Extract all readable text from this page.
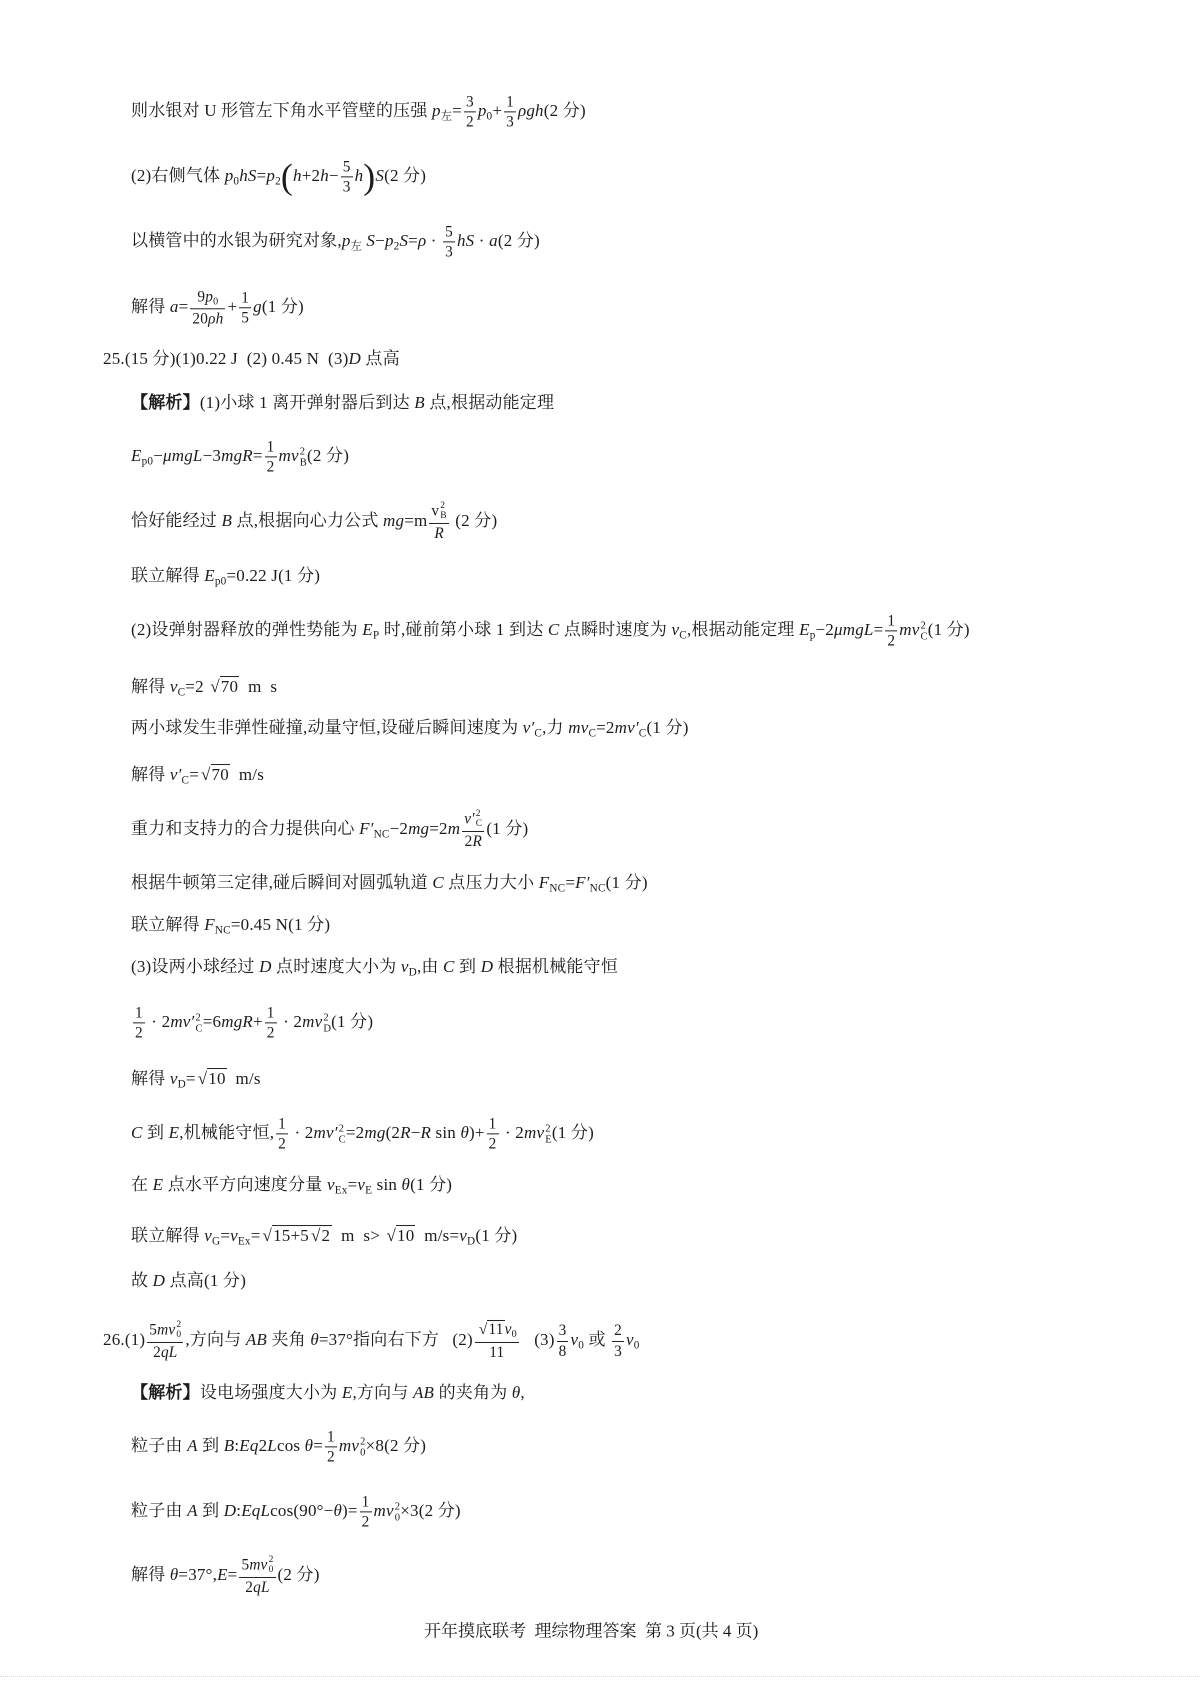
则水银对 U 形管左下角水平管壁的压强 $p_左= \frac{3}{2} p_0+ \frac{1}{3} \rho gh(2$ 分)
(2)右侧气体 $p_0hS=p_2(h+2h- \frac{5}{3} h)S(2$ 分)
以横管中的水银为研究对象$,p_左$ $S-p_2S=\rho \cdot \frac{5}{3}$ hS · a(2 分)
解得 $a= \frac{9p_0}{20\rho h} + \frac{1}{5} g(1$ 分)
25.(15 分)(1)0.22 J  (2) 0.45 N  (3)D 点高
【解析】(1)小球 1 离开弹射器后到达 B 点,根据动能定理
$E_{p0}-\mu mgL-3mgR= \frac{1}{2}$ mv 2
B (2 分)
恰好能经过 B 点,根据向心力公式 mg=m v 2
B
R (2 分)
联立解得 $E_{p0}=0.22$ J(1 分)
(2)设弹射器释放的弹性势能为 $E_P$ 时,碰前第小球 1 到达 C 点瞬时速度为 $v_C$,根据动能定理 $E_p-2\mu mgL= \frac{1}{2}$ mv 2
C (1 分)
解得 $v_C=2$ √70  m  s
两小球发生非弹性碰撞,动量守恒,设碰后瞬间速度为 $v'_C$,力 $mv_C=2mv'_C(1$ 分)
解得 $v'_C= √70$  m/s
重力和支持力的合力提供向心 $F'_{NC}-2mg=2m$ v′ 2
C
2R (1 分)
根据牛顿第三定律,碰后瞬间对圆弧轨道 C 点压力大小 $F_{NC}=F'_{NC}(1$ 分)
联立解得 $F_{NC}=0.45$ N(1 分)
(3)设两小球经过 D 点时速度大小为 $v_D$,由 C 到 D 根据机械能守恒
$\frac{1}{2} \cdot 2mv'$ 2
$C =6mgR+ \frac{1}{2} \cdot 2mv$ 2
D (1 分)
解得 $v_D= √10$  m/s
C 到 E,机械能守恒, $\frac{1}{2} \cdot 2mv'$ 2
C =2mg(2R−R $\sin \theta)+ \frac{1}{2} \cdot 2mv$ 2
E (1 分)
在 E 点水平方向速度分量 $v_{Ex}=v_E$ sin θ(1 分)
联立解得 $v_G=v_{Ex}= √15+5$ √2  m  s> √10  $m/s=v_D(1$ 分)
故 D 点高(1 分)
26.(1) 5mv 2
0
2qL ,方向与 AB 夹角 θ=37°指向右下方   $(2) \frac{√11v_0}{11} (3) \frac{3}{8} v_0$ 或 $\frac{2}{3} v_0$
【解析】设电场强度大小为 E,方向与 AB 的夹角为 θ,
粒子由 A 到 B:Eq2Lcos $\theta= \frac{1}{2}$ mv 2
0 ×8(2 分)
粒子由 A 到 D:EqLcos(90°−θ)= $\frac{1}{2}$ mv 2
0 ×3(2 分)
解得 θ=37°,E= 5mv 2
0
2qL (2 分)
开年摸底联考  理综物理答案  第 3 页(共 4 页)
